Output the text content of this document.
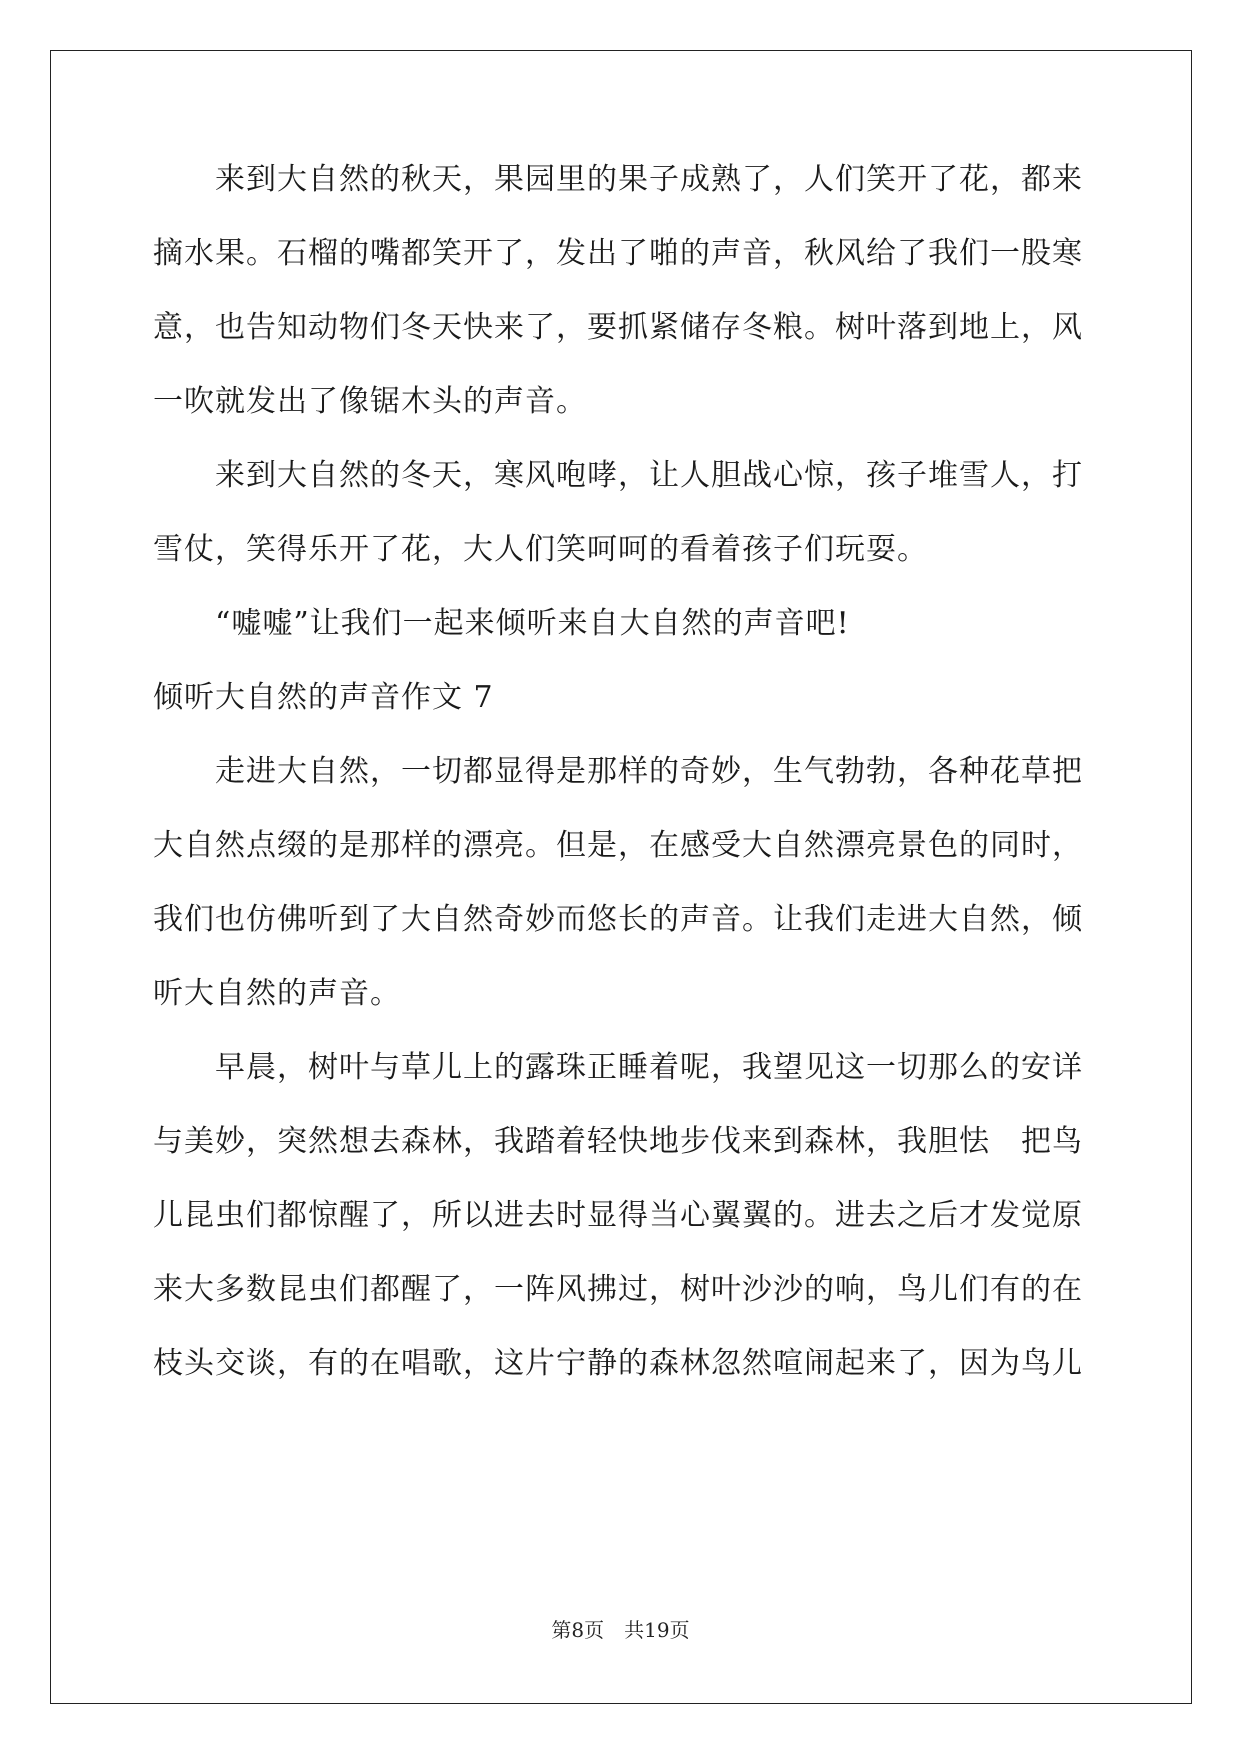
　　来到大自然的秋天，果园里的果子成熟了，人们笑开了花，都来
摘水果。石榴的嘴都笑开了，发出了啪的声音，秋风给了我们一股寒
意，也告知动物们冬天快来了，要抓紧储存冬粮。树叶落到地上，风
一吹就发出了像锯木头的声音。
　　来到大自然的冬天，寒风咆哮，让人胆战心惊，孩子堆雪人，打
雪仗，笑得乐开了花，大人们笑呵呵的看着孩子们玩耍。
　　“嘘嘘”让我们一起来倾听来自大自然的声音吧!
倾听大自然的声音作文 7
　　走进大自然，一切都显得是那样的奇妙，生气勃勃，各种花草把
大自然点缀的是那样的漂亮。但是，在感受大自然漂亮景色的同时，
我们也仿佛听到了大自然奇妙而悠长的声音。让我们走进大自然，倾
听大自然的声音。
　　早晨，树叶与草儿上的露珠正睡着呢，我望见这一切那么的安详
与美妙，突然想去森林，我踏着轻快地步伐来到森林，我胆怯　把鸟
儿昆虫们都惊醒了，所以进去时显得当心翼翼的。进去之后才发觉原
来大多数昆虫们都醒了，一阵风拂过，树叶沙沙的响，鸟儿们有的在
枝头交谈，有的在唱歌，这片宁静的森林忽然喧闹起来了，因为鸟儿
第8页　共19页
